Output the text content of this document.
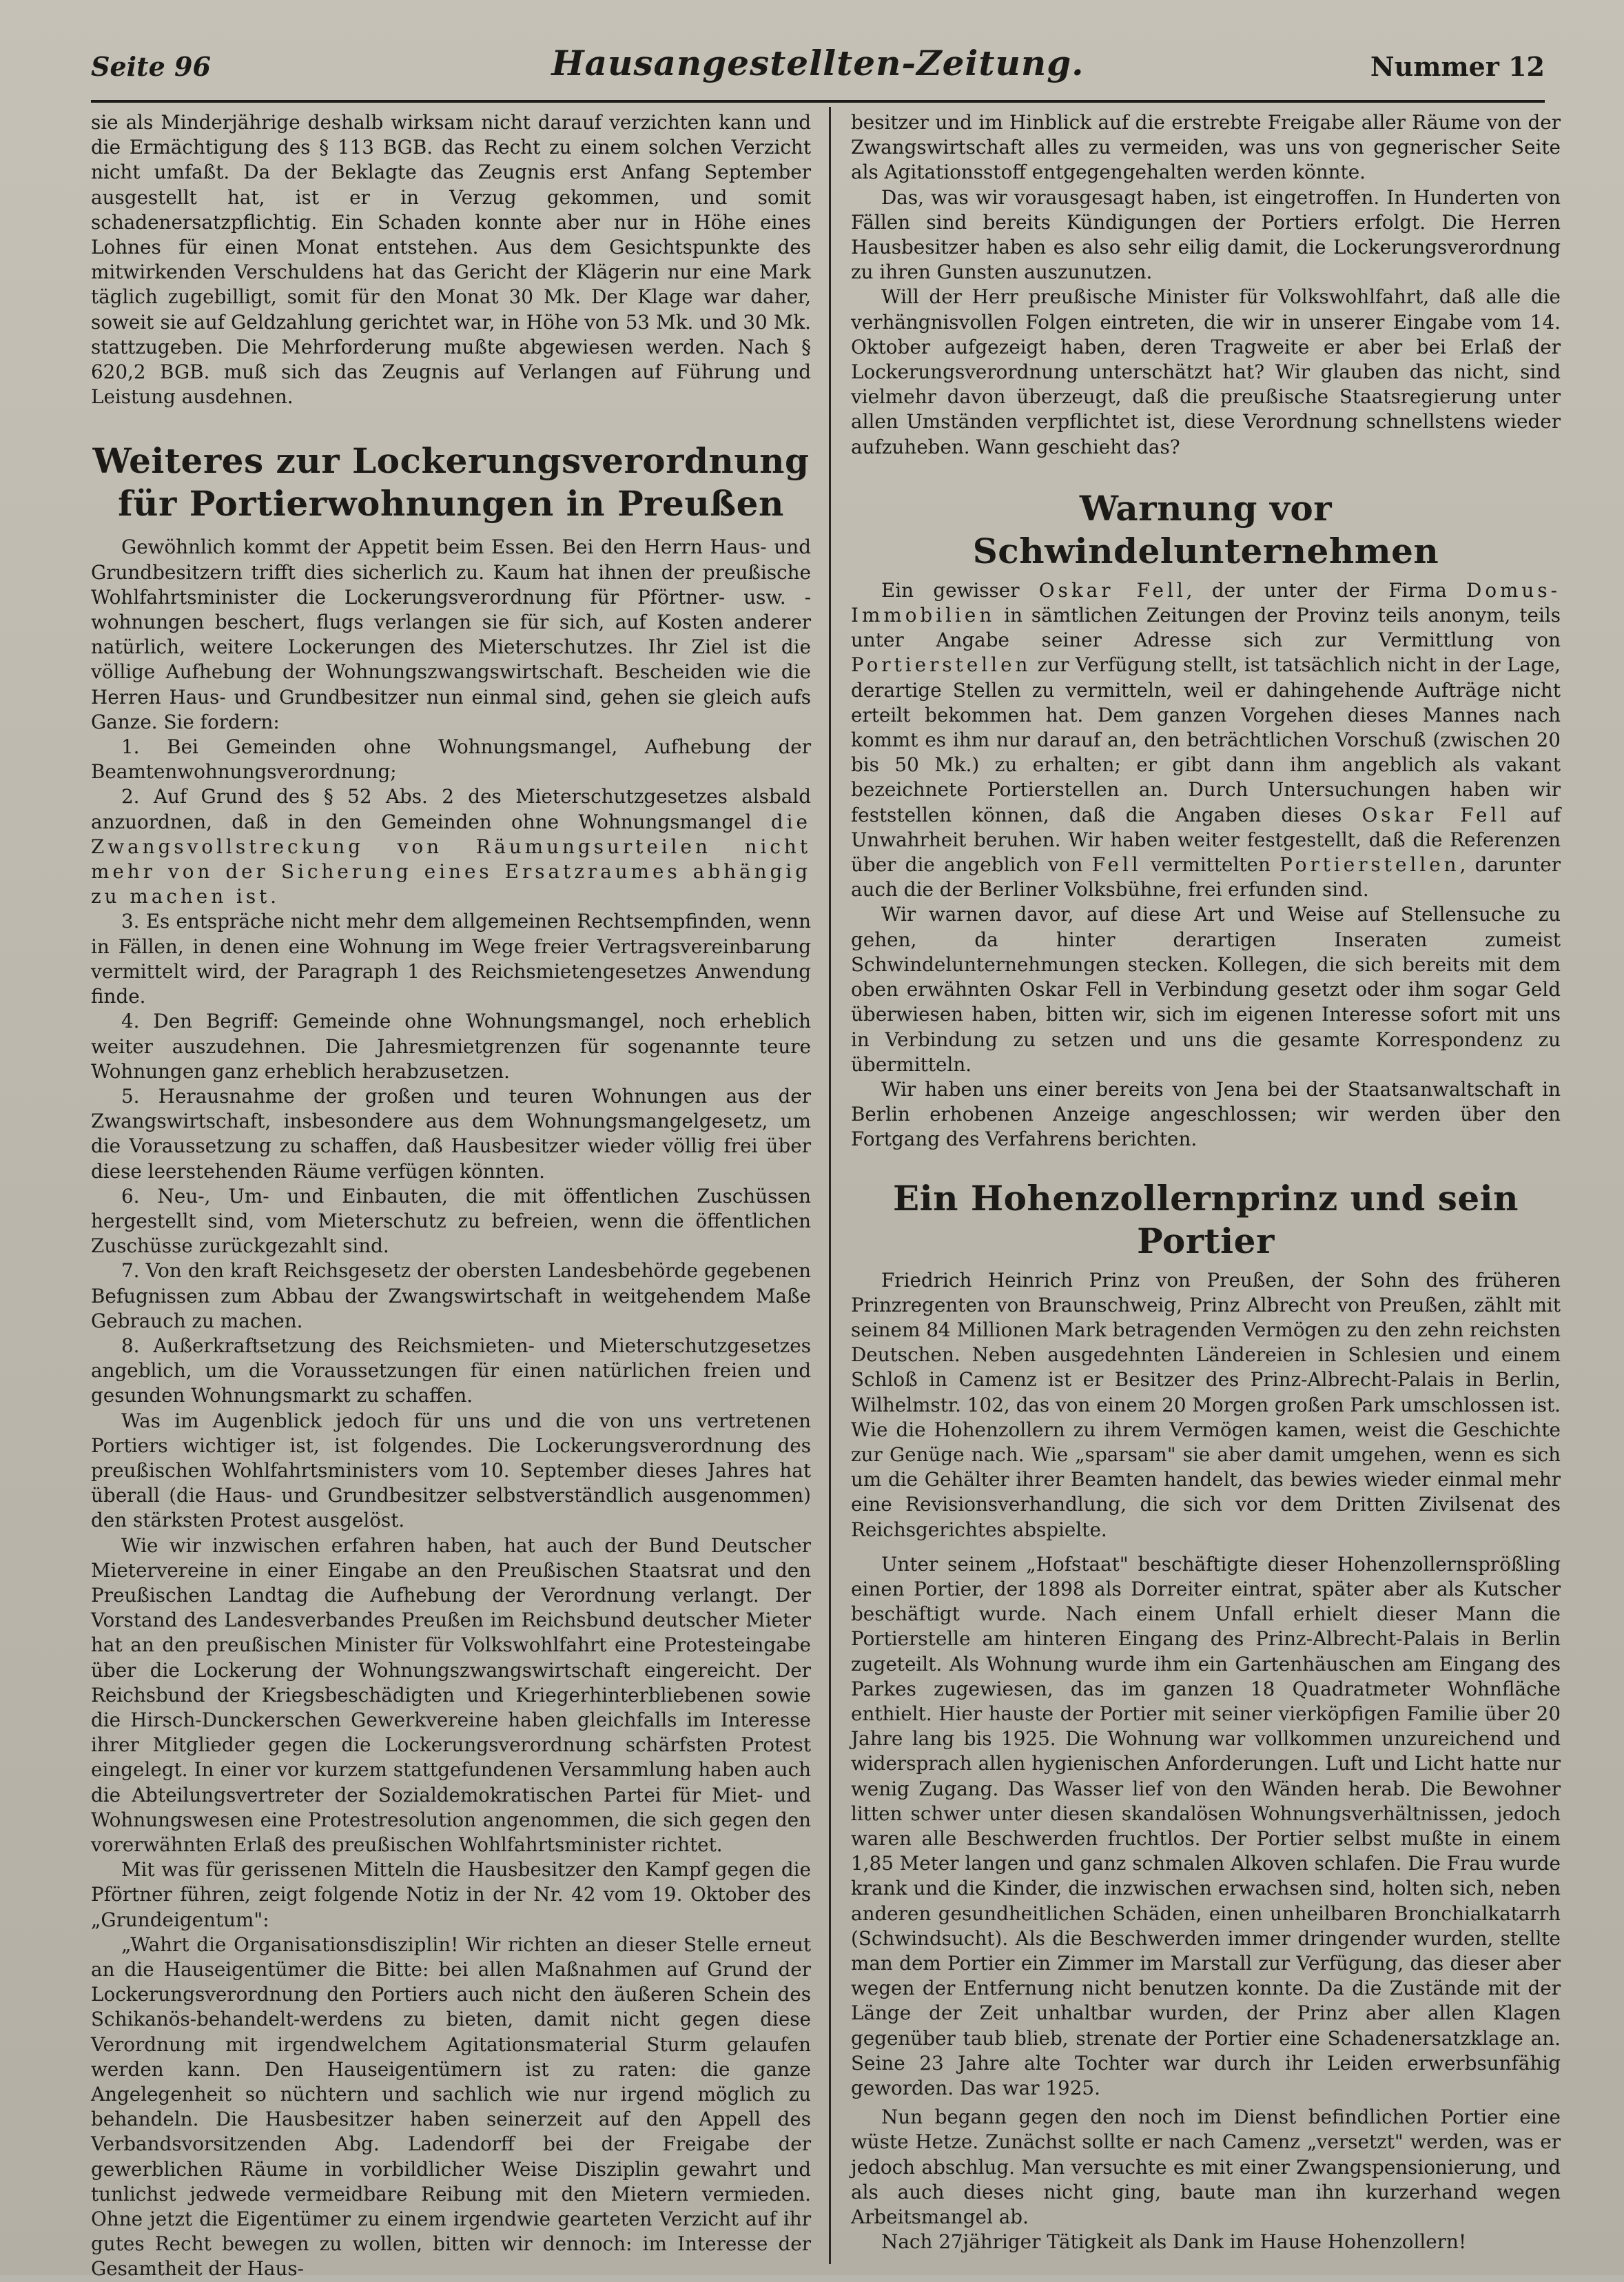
Seite 96	Hausangestellten-Zeitung.	Nummer 12

sie als Minderjährige deshalb wirksam nicht darauf verzichten kann und die Ermächtigung des § 113 BGB. das Recht zu einem solchen Verzicht nicht umfaßt. Da der Beklagte das Zeugnis erst Anfang September ausgestellt hat, ist er in Verzug gekommen, und somit schadenersatzpflichtig. Ein Schaden konnte aber nur in Höhe eines Lohnes für einen Monat entstehen. Aus dem Gesichtspunkte des mitwirkenden Verschuldens hat das Gericht der Klägerin nur eine Mark täglich zugebilligt, somit für den Monat 30 Mk. Der Klage war daher, soweit sie auf Geldzahlung gerichtet war, in Höhe von 53 Mk. und 30 Mk. stattzugeben. Die Mehrforderung mußte abgewiesen werden. Nach § 620,2 BGB. muß sich das Zeugnis auf Verlangen auf Führung und Leistung ausdehnen.

Weiteres zur Lockerungsverordnung
für Portierwohnungen in Preußen

Gewöhnlich kommt der Appetit beim Essen. Bei den Herrn Haus- und Grundbesitzern trifft dies sicherlich zu. Kaum hat ihnen der preußische Wohlfahrtsminister die Lockerungsverordnung für Pförtner- usw. -wohnungen beschert, flugs verlangen sie für sich, auf Kosten anderer natürlich, weitere Lockerungen des Mieterschutzes. Ihr Ziel ist die völlige Aufhebung der Wohnungszwangswirtschaft. Bescheiden wie die Herren Haus- und Grundbesitzer nun einmal sind, gehen sie gleich aufs Ganze. Sie fordern:

1. Bei Gemeinden ohne Wohnungsmangel, Aufhebung der Beamtenwohnungsverordnung;

2. Auf Grund des § 52 Abs. 2 des Mieterschutzgesetzes alsbald anzuordnen, daß in den Gemeinden ohne Wohnungsmangel die Zwangsvollstreckung von Räumungsurteilen nicht mehr von der Sicherung eines Ersatzraumes abhängig zu machen ist.

3. Es entspräche nicht mehr dem allgemeinen Rechtsempfinden, wenn in Fällen, in denen eine Wohnung im Wege freier Vertragsvereinbarung vermittelt wird, der Paragraph 1 des Reichsmietengesetzes Anwendung finde.

4. Den Begriff: Gemeinde ohne Wohnungsmangel, noch erheblich weiter auszudehnen. Die Jahresmietgrenzen für sogenannte teure Wohnungen ganz erheblich herabzusetzen.

5. Herausnahme der großen und teuren Wohnungen aus der Zwangswirtschaft, insbesondere aus dem Wohnungsmangelgesetz, um die Voraussetzung zu schaffen, daß Hausbesitzer wieder völlig frei über diese leerstehenden Räume verfügen könnten.

6. Neu-, Um- und Einbauten, die mit öffentlichen Zuschüssen hergestellt sind, vom Mieterschutz zu befreien, wenn die öffentlichen Zuschüsse zurückgezahlt sind.

7. Von den kraft Reichsgesetz der obersten Landesbehörde gegebenen Befugnissen zum Abbau der Zwangswirtschaft in weitgehendem Maße Gebrauch zu machen.

8. Außerkraftsetzung des Reichsmieten- und Mieterschutzgesetzes angeblich, um die Voraussetzungen für einen natürlichen freien und gesunden Wohnungsmarkt zu schaffen.

Was im Augenblick jedoch für uns und die von uns vertretenen Portiers wichtiger ist, ist folgendes. Die Lockerungsverordnung des preußischen Wohlfahrtsministers vom 10. September dieses Jahres hat überall (die Haus- und Grundbesitzer selbstverständlich ausgenommen) den stärksten Protest ausgelöst.

Wie wir inzwischen erfahren haben, hat auch der Bund Deutscher Mietervereine in einer Eingabe an den Preußischen Staatsrat und den Preußischen Landtag die Aufhebung der Verordnung verlangt. Der Vorstand des Landesverbandes Preußen im Reichsbund deutscher Mieter hat an den preußischen Minister für Volkswohlfahrt eine Protesteingabe über die Lockerung der Wohnungszwangswirtschaft eingereicht. Der Reichsbund der Kriegsbeschädigten und Kriegerhinterbliebenen sowie die Hirsch-Dunckerschen Gewerkvereine haben gleichfalls im Interesse ihrer Mitglieder gegen die Lockerungsverordnung schärfsten Protest eingelegt. In einer vor kurzem stattgefundenen Versammlung haben auch die Abteilungsvertreter der Sozialdemokratischen Partei für Miet- und Wohnungswesen eine Protestresolution angenommen, die sich gegen den vorerwähnten Erlaß des preußischen Wohlfahrtsminister richtet.

Mit was für gerissenen Mitteln die Hausbesitzer den Kampf gegen die Pförtner führen, zeigt folgende Notiz in der Nr. 42 vom 19. Oktober des „Grundeigentum":

„Wahrt die Organisationsdisziplin! Wir richten an dieser Stelle erneut an die Hauseigentümer die Bitte: bei allen Maßnahmen auf Grund der Lockerungsverordnung den Portiers auch nicht den äußeren Schein des Schikanös-behandelt-werdens zu bieten, damit nicht gegen diese Verordnung mit irgendwelchem Agitationsmaterial Sturm gelaufen werden kann. Den Hauseigentümern ist zu raten: die ganze Angelegenheit so nüchtern und sachlich wie nur irgend möglich zu behandeln. Die Hausbesitzer haben seinerzeit auf den Appell des Verbandsvorsitzenden Abg. Ladendorff bei der Freigabe der gewerblichen Räume in vorbildlicher Weise Disziplin gewahrt und tunlichst jedwede vermeidbare Reibung mit den Mietern vermieden. Ohne jetzt die Eigentümer zu einem irgendwie gearteten Verzicht auf ihr gutes Recht bewegen zu wollen, bitten wir dennoch: im Interesse der Gesamtheit der Haus-

besitzer und im Hinblick auf die erstrebte Freigabe aller Räume von der Zwangswirtschaft alles zu vermeiden, was uns von gegnerischer Seite als Agitationsstoff entgegengehalten werden könnte.

Das, was wir vorausgesagt haben, ist eingetroffen. In Hunderten von Fällen sind bereits Kündigungen der Portiers erfolgt. Die Herren Hausbesitzer haben es also sehr eilig damit, die Lockerungsverordnung zu ihren Gunsten auszunutzen.

Will der Herr preußische Minister für Volkswohlfahrt, daß alle die verhängnisvollen Folgen eintreten, die wir in unserer Eingabe vom 14. Oktober aufgezeigt haben, deren Tragweite er aber bei Erlaß der Lockerungsverordnung unterschätzt hat? Wir glauben das nicht, sind vielmehr davon überzeugt, daß die preußische Staatsregierung unter allen Umständen verpflichtet ist, diese Verordnung schnellstens wieder aufzuheben. Wann geschieht das?

Warnung vor Schwindelunternehmen

Ein gewisser Oskar Fell, der unter der Firma Domus-Immobilien in sämtlichen Zeitungen der Provinz teils anonym, teils unter Angabe seiner Adresse sich zur Vermittlung von Portierstellen zur Verfügung stellt, ist tatsächlich nicht in der Lage, derartige Stellen zu vermitteln, weil er dahingehende Aufträge nicht erteilt bekommen hat. Dem ganzen Vorgehen dieses Mannes nach kommt es ihm nur darauf an, den beträchtlichen Vorschuß (zwischen 20 bis 50 Mk.) zu erhalten; er gibt dann ihm angeblich als vakant bezeichnete Portierstellen an. Durch Untersuchungen haben wir feststellen können, daß die Angaben dieses Oskar Fell auf Unwahrheit beruhen. Wir haben weiter festgestellt, daß die Referenzen über die angeblich von Fell vermittelten Portierstellen, darunter auch die der Berliner Volksbühne, frei erfunden sind.

Wir warnen davor, auf diese Art und Weise auf Stellensuche zu gehen, da hinter derartigen Inseraten zumeist Schwindelunternehmungen stecken. Kollegen, die sich bereits mit dem oben erwähnten Oskar Fell in Verbindung gesetzt oder ihm sogar Geld überwiesen haben, bitten wir, sich im eigenen Interesse sofort mit uns in Verbindung zu setzen und uns die gesamte Korrespondenz zu übermitteln.

Wir haben uns einer bereits von Jena bei der Staatsanwaltschaft in Berlin erhobenen Anzeige angeschlossen; wir werden über den Fortgang des Verfahrens berichten.

Ein Hohenzollernprinz und sein Portier

Friedrich Heinrich Prinz von Preußen, der Sohn des früheren Prinzregenten von Braunschweig, Prinz Albrecht von Preußen, zählt mit seinem 84 Millionen Mark betragenden Vermögen zu den zehn reichsten Deutschen. Neben ausgedehnten Ländereien in Schlesien und einem Schloß in Camenz ist er Besitzer des Prinz-Albrecht-Palais in Berlin, Wilhelmstr. 102, das von einem 20 Morgen großen Park umschlossen ist. Wie die Hohenzollern zu ihrem Vermögen kamen, weist die Geschichte zur Genüge nach. Wie „sparsam" sie aber damit umgehen, wenn es sich um die Gehälter ihrer Beamten handelt, das bewies wieder einmal mehr eine Revisionsverhandlung, die sich vor dem Dritten Zivilsenat des Reichsgerichtes abspielte.

Unter seinem „Hofstaat" beschäftigte dieser Hohenzollernsprößling einen Portier, der 1898 als Dorreiter eintrat, später aber als Kutscher beschäftigt wurde. Nach einem Unfall erhielt dieser Mann die Portierstelle am hinteren Eingang des Prinz-Albrecht-Palais in Berlin zugeteilt. Als Wohnung wurde ihm ein Gartenhäuschen am Eingang des Parkes zugewiesen, das im ganzen 18 Quadratmeter Wohnfläche enthielt. Hier hauste der Portier mit seiner vierköpfigen Familie über 20 Jahre lang bis 1925. Die Wohnung war vollkommen unzureichend und widersprach allen hygienischen Anforderungen. Luft und Licht hatte nur wenig Zugang. Das Wasser lief von den Wänden herab. Die Bewohner litten schwer unter diesen skandalösen Wohnungsverhältnissen, jedoch waren alle Beschwerden fruchtlos. Der Portier selbst mußte in einem 1,85 Meter langen und ganz schmalen Alkoven schlafen. Die Frau wurde krank und die Kinder, die inzwischen erwachsen sind, holten sich, neben anderen gesundheitlichen Schäden, einen unheilbaren Bronchialkatarrh (Schwindsucht). Als die Beschwerden immer dringender wurden, stellte man dem Portier ein Zimmer im Marstall zur Verfügung, das dieser aber wegen der Entfernung nicht benutzen konnte. Da die Zustände mit der Länge der Zeit unhaltbar wurden, der Prinz aber allen Klagen gegenüber taub blieb, strenate der Portier eine Schadenersatzklage an. Seine 23 Jahre alte Tochter war durch ihr Leiden erwerbsunfähig geworden. Das war 1925.

Nun begann gegen den noch im Dienst befindlichen Portier eine wüste Hetze. Zunächst sollte er nach Camenz „versetzt" werden, was er jedoch abschlug. Man versuchte es mit einer Zwangspensionierung, und als auch dieses nicht ging, baute man ihn kurzerhand wegen Arbeitsmangel ab.

Nach 27jähriger Tätigkeit als Dank im Hause Hohenzollern!
